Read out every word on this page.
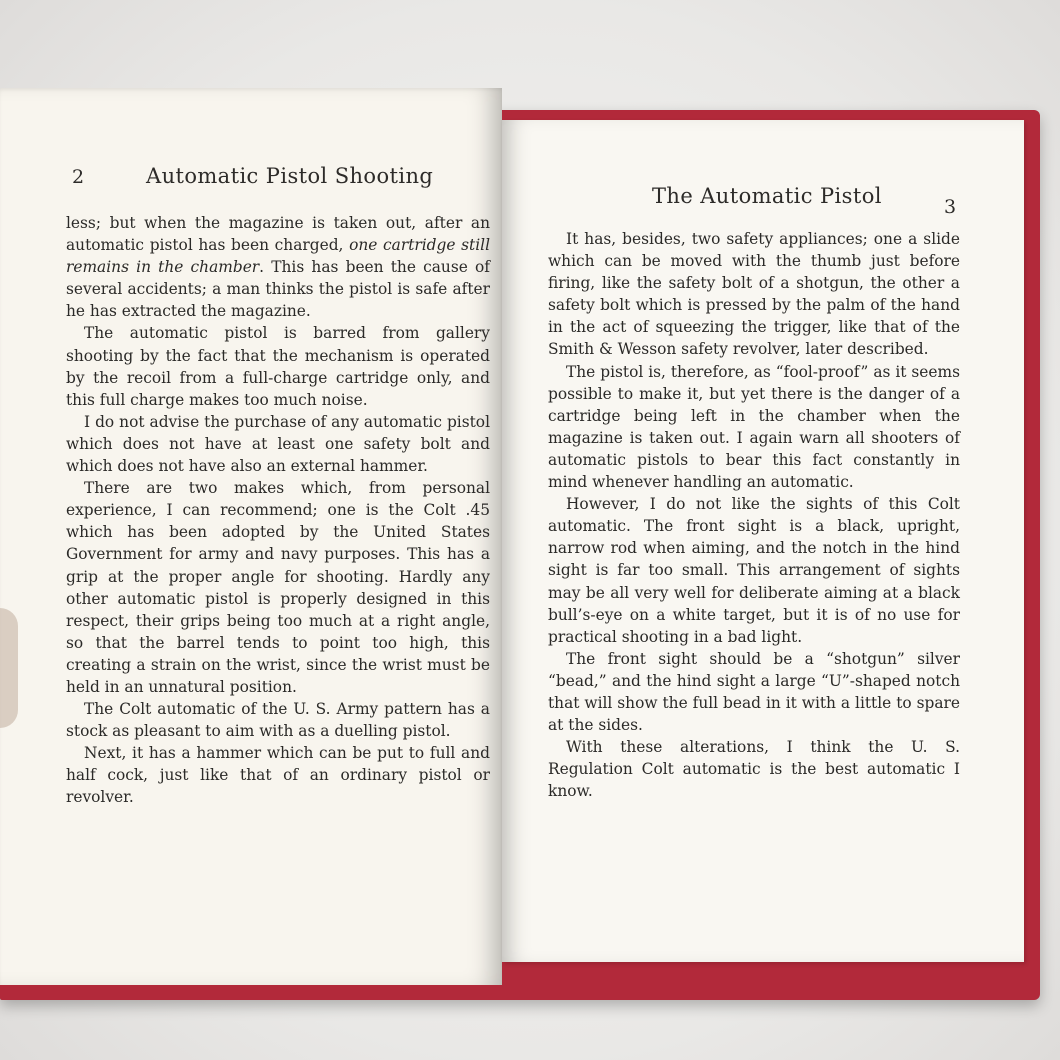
2	Automatic Pistol Shooting

less; but when the magazine is taken out, after an automatic pistol has been charged, one cartridge still remains in the chamber. This has been the cause of several accidents; a man thinks the pistol is safe after he has extracted the magazine.

The automatic pistol is barred from gallery shooting by the fact that the mechanism is operated by the recoil from a full-charge cartridge only, and this full charge makes too much noise.

I do not advise the purchase of any automatic pistol which does not have at least one safety bolt and which does not have also an external hammer.

There are two makes which, from personal experience, I can recommend; one is the Colt .45 which has been adopted by the United States Government for army and navy purposes. This has a grip at the proper angle for shooting. Hardly any other automatic pistol is properly designed in this respect, their grips being too much at a right angle, so that the barrel tends to point too high, this creating a strain on the wrist, since the wrist must be held in an unnatural position.

The Colt automatic of the U. S. Army pattern has a stock as pleasant to aim with as a duelling pistol.

Next, it has a hammer which can be put to full and half cock, just like that of an ordinary pistol or revolver.

The Automatic Pistol	3

It has, besides, two safety appliances; one a slide which can be moved with the thumb just before firing, like the safety bolt of a shotgun, the other a safety bolt which is pressed by the palm of the hand in the act of squeezing the trigger, like that of the Smith & Wesson safety revolver, later described.

The pistol is, therefore, as “fool-proof” as it seems possible to make it, but yet there is the danger of a cartridge being left in the chamber when the magazine is taken out. I again warn all shooters of automatic pistols to bear this fact constantly in mind whenever handling an automatic.

However, I do not like the sights of this Colt automatic. The front sight is a black, upright, narrow rod when aiming, and the notch in the hind sight is far too small. This arrangement of sights may be all very well for deliberate aiming at a black bull’s-eye on a white target, but it is of no use for practical shooting in a bad light.

The front sight should be a “shotgun” silver “bead,” and the hind sight a large “U”-shaped notch that will show the full bead in it with a little to spare at the sides.

With these alterations, I think the U. S. Regulation Colt automatic is the best automatic I know.
